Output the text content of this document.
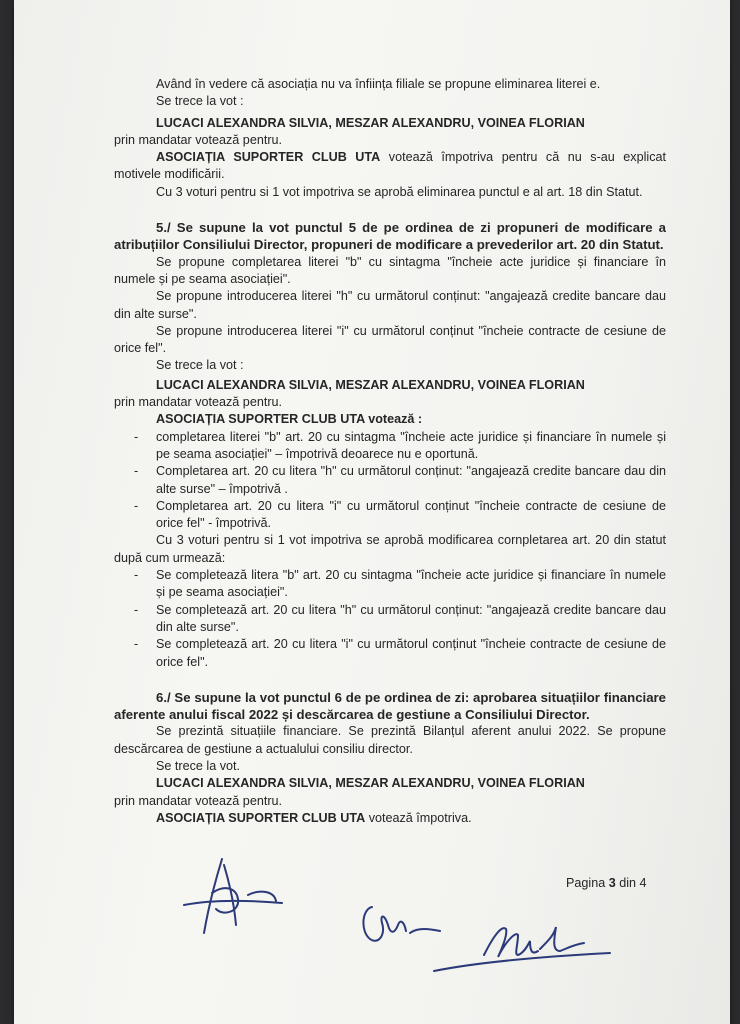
Având în vedere că asociația nu va înființa filiale se propune eliminarea literei e.

Se trece la vot :

LUCACI ALEXANDRA SILVIA, MESZAR ALEXANDRU, VOINEA FLORIAN

prin mandatar votează pentru.

ASOCIAȚIA SUPORTER CLUB UTA votează împotriva pentru că nu s-au explicat motivele modificării.

Cu 3 voturi pentru si 1 vot impotriva se aprobă eliminarea punctul e al art. 18 din Statut.

5./ Se supune la vot punctul 5 de pe ordinea de zi propuneri de modificare a atribuțiilor Consiliului Director, propuneri de modificare a prevederilor art. 20 din Statut.

Se propune completarea literei "b" cu sintagma "încheie acte juridice și financiare în numele și pe seama asociației".

Se propune introducerea literei "h" cu următorul conținut: "angajează credite bancare dau din alte surse".

Se propune introducerea literei "i" cu următorul conținut "încheie contracte de cesiune de orice fel".

Se trece la vot :

LUCACI ALEXANDRA SILVIA, MESZAR ALEXANDRU, VOINEA FLORIAN

prin mandatar votează pentru.

ASOCIAȚIA SUPORTER CLUB UTA votează :

- completarea literei "b" art. 20 cu sintagma "încheie acte juridice și financiare în numele și pe seama asociației" – împotrivă deoarece nu e oportună.
- Completarea art. 20 cu litera "h" cu următorul conținut: "angajează credite bancare dau din alte surse" – împotrivă .
- Completarea art. 20 cu litera "i" cu următorul conținut "încheie contracte de cesiune de orice fel" - împotrivă.

Cu 3 voturi pentru si 1 vot impotriva se aprobă modificarea cornpletarea art. 20 din statut după cum urmează:

- Se completează litera "b" art. 20 cu sintagma "încheie acte juridice și financiare în numele și pe seama asociației".
- Se completează art. 20 cu litera "h" cu următorul conținut: "angajează credite bancare dau din alte surse".
- Se completează art. 20 cu litera "i" cu următorul conținut "încheie contracte de cesiune de orice fel".

6./ Se supune la vot punctul 6 de pe ordinea de zi: aprobarea situațiilor financiare aferente anului fiscal 2022 și descărcarea de gestiune a Consiliului Director.

Se prezintă situațiile financiare. Se prezintă Bilanțul aferent anului 2022. Se propune descărcarea de gestiune a actualului consiliu director.

Se trece la vot.

LUCACI ALEXANDRA SILVIA, MESZAR ALEXANDRU, VOINEA FLORIAN

prin mandatar votează pentru.

ASOCIAȚIA SUPORTER CLUB UTA votează împotriva.

Pagina 3 din 4
